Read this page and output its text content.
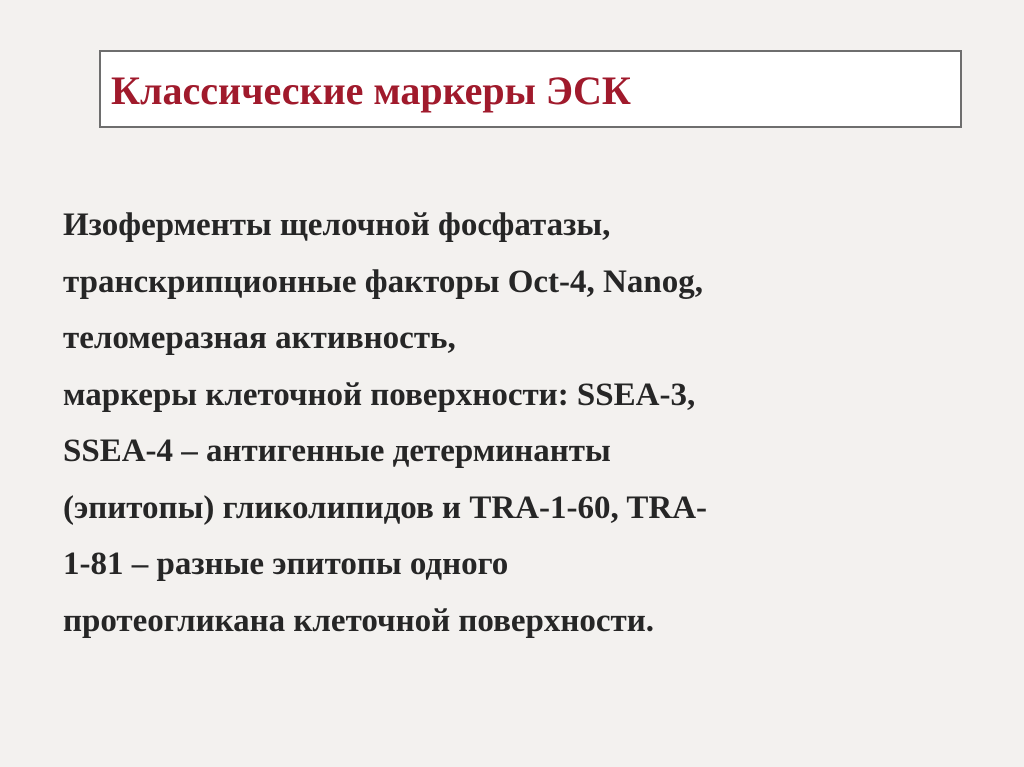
Классические маркеры ЭСК
Изоферменты щелочной фосфатазы,
транскрипционные факторы Oct-4, Nanog,
теломеразная активность,
маркеры клеточной поверхности: SSEA-3,
SSEA-4 – антигенные детерминанты
(эпитопы) гликолипидов и TRA-1-60, TRA-
1-81 – разные эпитопы одного
протеогликана клеточной поверхности.
